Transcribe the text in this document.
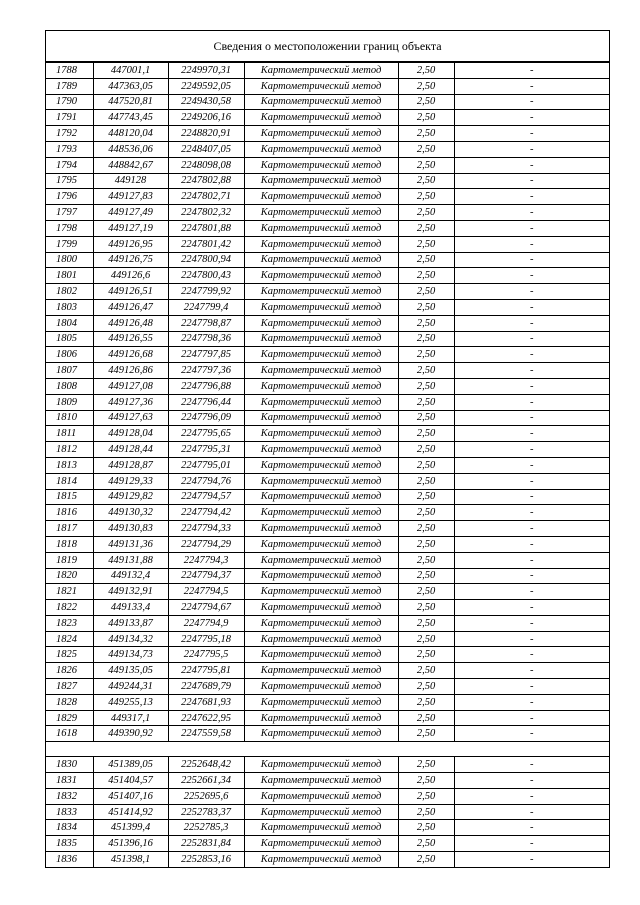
Сведения о местоположении границ объекта
1788	447001,1	2249970,31	Картометрический метод	2,50	-
1789	447363,05	2249592,05	Картометрический метод	2,50	-
1790	447520,81	2249430,58	Картометрический метод	2,50	-
1791	447743,45	2249206,16	Картометрический метод	2,50	-
1792	448120,04	2248820,91	Картометрический метод	2,50	-
1793	448536,06	2248407,05	Картометрический метод	2,50	-
1794	448842,67	2248098,08	Картометрический метод	2,50	-
1795	449128	2247802,88	Картометрический метод	2,50	-
1796	449127,83	2247802,71	Картометрический метод	2,50	-
1797	449127,49	2247802,32	Картометрический метод	2,50	-
1798	449127,19	2247801,88	Картометрический метод	2,50	-
1799	449126,95	2247801,42	Картометрический метод	2,50	-
1800	449126,75	2247800,94	Картометрический метод	2,50	-
1801	449126,6	2247800,43	Картометрический метод	2,50	-
1802	449126,51	2247799,92	Картометрический метод	2,50	-
1803	449126,47	2247799,4	Картометрический метод	2,50	-
1804	449126,48	2247798,87	Картометрический метод	2,50	-
1805	449126,55	2247798,36	Картометрический метод	2,50	-
1806	449126,68	2247797,85	Картометрический метод	2,50	-
1807	449126,86	2247797,36	Картометрический метод	2,50	-
1808	449127,08	2247796,88	Картометрический метод	2,50	-
1809	449127,36	2247796,44	Картометрический метод	2,50	-
1810	449127,63	2247796,09	Картометрический метод	2,50	-
1811	449128,04	2247795,65	Картометрический метод	2,50	-
1812	449128,44	2247795,31	Картометрический метод	2,50	-
1813	449128,87	2247795,01	Картометрический метод	2,50	-
1814	449129,33	2247794,76	Картометрический метод	2,50	-
1815	449129,82	2247794,57	Картометрический метод	2,50	-
1816	449130,32	2247794,42	Картометрический метод	2,50	-
1817	449130,83	2247794,33	Картометрический метод	2,50	-
1818	449131,36	2247794,29	Картометрический метод	2,50	-
1819	449131,88	2247794,3	Картометрический метод	2,50	-
1820	449132,4	2247794,37	Картометрический метод	2,50	-
1821	449132,91	2247794,5	Картометрический метод	2,50	-
1822	449133,4	2247794,67	Картометрический метод	2,50	-
1823	449133,87	2247794,9	Картометрический метод	2,50	-
1824	449134,32	2247795,18	Картометрический метод	2,50	-
1825	449134,73	2247795,5	Картометрический метод	2,50	-
1826	449135,05	2247795,81	Картометрический метод	2,50	-
1827	449244,31	2247689,79	Картометрический метод	2,50	-
1828	449255,13	2247681,93	Картометрический метод	2,50	-
1829	449317,1	2247622,95	Картометрический метод	2,50	-
1618	449390,92	2247559,58	Картометрический метод	2,50	-

1830	451389,05	2252648,42	Картометрический метод	2,50	-
1831	451404,57	2252661,34	Картометрический метод	2,50	-
1832	451407,16	2252695,6	Картометрический метод	2,50	-
1833	451414,92	2252783,37	Картометрический метод	2,50	-
1834	451399,4	2252785,3	Картометрический метод	2,50	-
1835	451396,16	2252831,84	Картометрический метод	2,50	-
1836	451398,1	2252853,16	Картометрический метод	2,50	-
